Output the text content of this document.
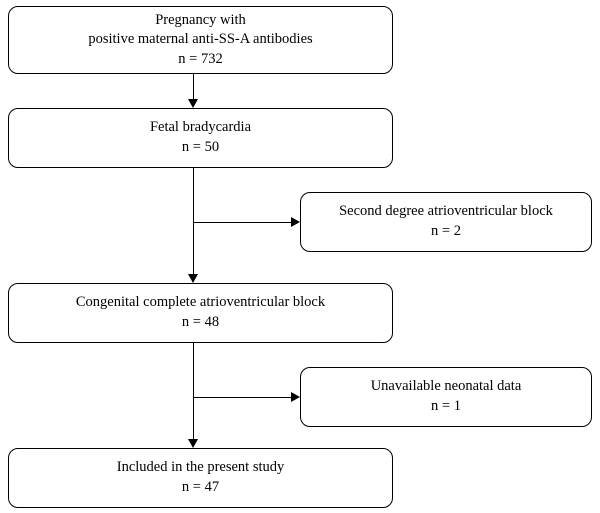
Pregnancy with
positive maternal anti-SS-A antibodies
n = 732
Fetal bradycardia
n = 50
Second degree atrioventricular block
n = 2
Congenital complete atrioventricular block
n = 48
Unavailable neonatal data
n = 1
Included in the present study
n = 47
